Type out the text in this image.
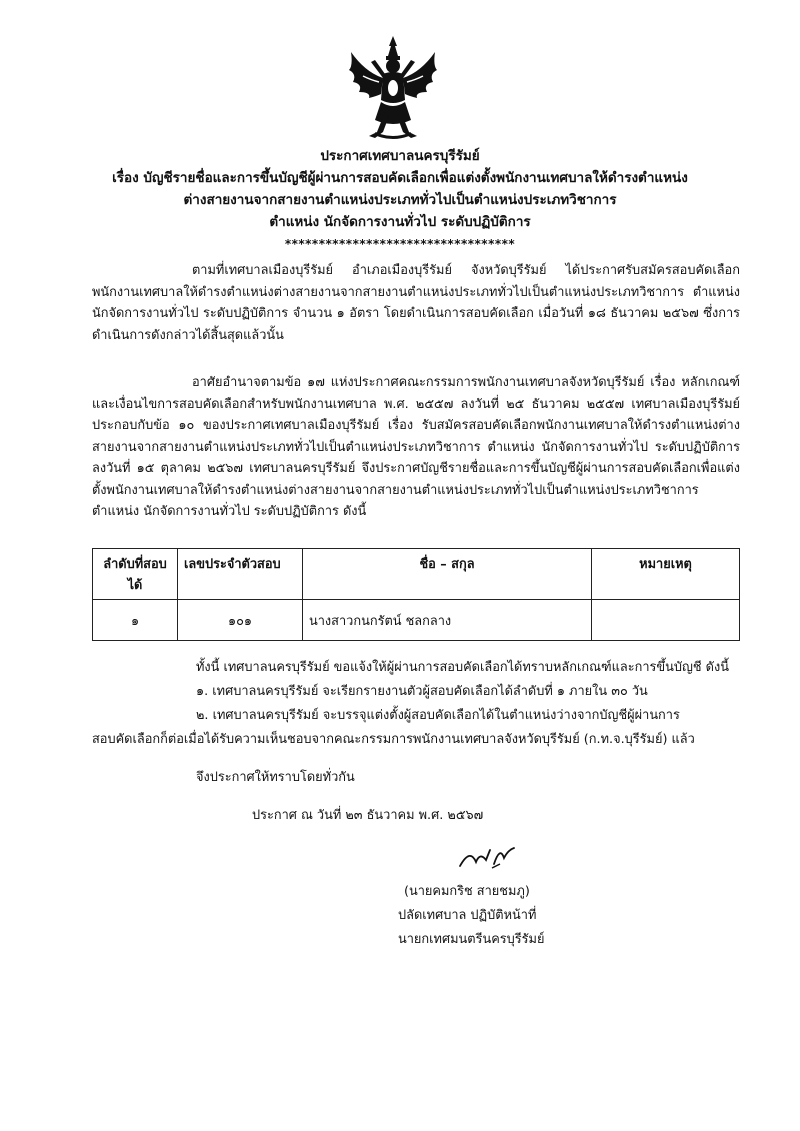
ประกาศเทศบาลนครบุรีรัมย์
เรื่อง บัญชีรายชื่อและการขึ้นบัญชีผู้ผ่านการสอบคัดเลือกเพื่อแต่งตั้งพนักงานเทศบาลให้ดำรงตำแหน่ง
ต่างสายงานจากสายงานตำแหน่งประเภททั่วไปเป็นตำแหน่งประเภทวิชาการ
ตำแหน่ง นักจัดการงานทั่วไป ระดับปฏิบัติการ
**********************************
ตามที่เทศบาลเมืองบุรีรัมย์ อำเภอเมืองบุรีรัมย์ จังหวัดบุรีรัมย์ ได้ประกาศรับสมัครสอบคัดเลือกพนักงานเทศบาลให้ดำรงตำแหน่งต่างสายงานจากสายงานตำแหน่งประเภททั่วไปเป็นตำแหน่งประเภทวิชาการ ตำแหน่ง นักจัดการงานทั่วไป ระดับปฏิบัติการ จำนวน ๑ อัตรา โดยดำเนินการสอบคัดเลือก เมื่อวันที่ ๑๘ ธันวาคม ๒๕๖๗ ซึ่งการดำเนินการดังกล่าวได้สิ้นสุดแล้วนั้น
อาศัยอำนาจตามข้อ ๑๗ แห่งประกาศคณะกรรมการพนักงานเทศบาลจังหวัดบุรีรัมย์ เรื่อง หลักเกณฑ์และเงื่อนไขการสอบคัดเลือกสำหรับพนักงานเทศบาล พ.ศ. ๒๕๕๗ ลงวันที่ ๒๕ ธันวาคม ๒๕๕๗ เทศบาลเมืองบุรีรัมย์ ประกอบกับข้อ ๑๐ ของประกาศเทศบาลเมืองบุรีรัมย์ เรื่อง รับสมัครสอบคัดเลือกพนักงานเทศบาลให้ดำรงตำแหน่งต่างสายงานจากสายงานตำแหน่งประเภททั่วไปเป็นตำแหน่งประเภทวิชาการ ตำแหน่ง นักจัดการงานทั่วไป ระดับปฏิบัติการ ลงวันที่ ๑๕ ตุลาคม ๒๕๖๗ เทศบาลนครบุรีรัมย์ จึงประกาศบัญชีรายชื่อและการขึ้นบัญชีผู้ผ่านการสอบคัดเลือกเพื่อแต่งตั้งพนักงานเทศบาลให้ดำรงตำแหน่งต่างสายงานจากสายงานตำแหน่งประเภททั่วไปเป็นตำแหน่งประเภทวิชาการ ตำแหน่ง นักจัดการงานทั่วไป ระดับปฏิบัติการ ดังนี้
ลำดับที่สอบได้	เลขประจำตัวสอบ	ชื่อ – สกุล	หมายเหตุ
๑	๑๐๑	นางสาวกนกรัตน์ ชลกลาง	
ทั้งนี้ เทศบาลนครบุรีรัมย์ ขอแจ้งให้ผู้ผ่านการสอบคัดเลือกได้ทราบหลักเกณฑ์และการขึ้นบัญชี ดังนี้
๑. เทศบาลนครบุรีรัมย์ จะเรียกรายงานตัวผู้สอบคัดเลือกได้ลำดับที่ ๑ ภายใน ๓๐ วัน
๒. เทศบาลนครบุรีรัมย์ จะบรรจุแต่งตั้งผู้สอบคัดเลือกได้ในตำแหน่งว่างจากบัญชีผู้ผ่านการ
สอบคัดเลือกก็ต่อเมื่อได้รับความเห็นชอบจากคณะกรรมการพนักงานเทศบาลจังหวัดบุรีรัมย์ (ก.ท.จ.บุรีรัมย์) แล้ว
จึงประกาศให้ทราบโดยทั่วกัน
ประกาศ ณ วันที่ ๒๓ ธันวาคม พ.ศ. ๒๕๖๗
(นายคมกริช สายชมภู)
ปลัดเทศบาล ปฏิบัติหน้าที่
นายกเทศมนตรีนครบุรีรัมย์
